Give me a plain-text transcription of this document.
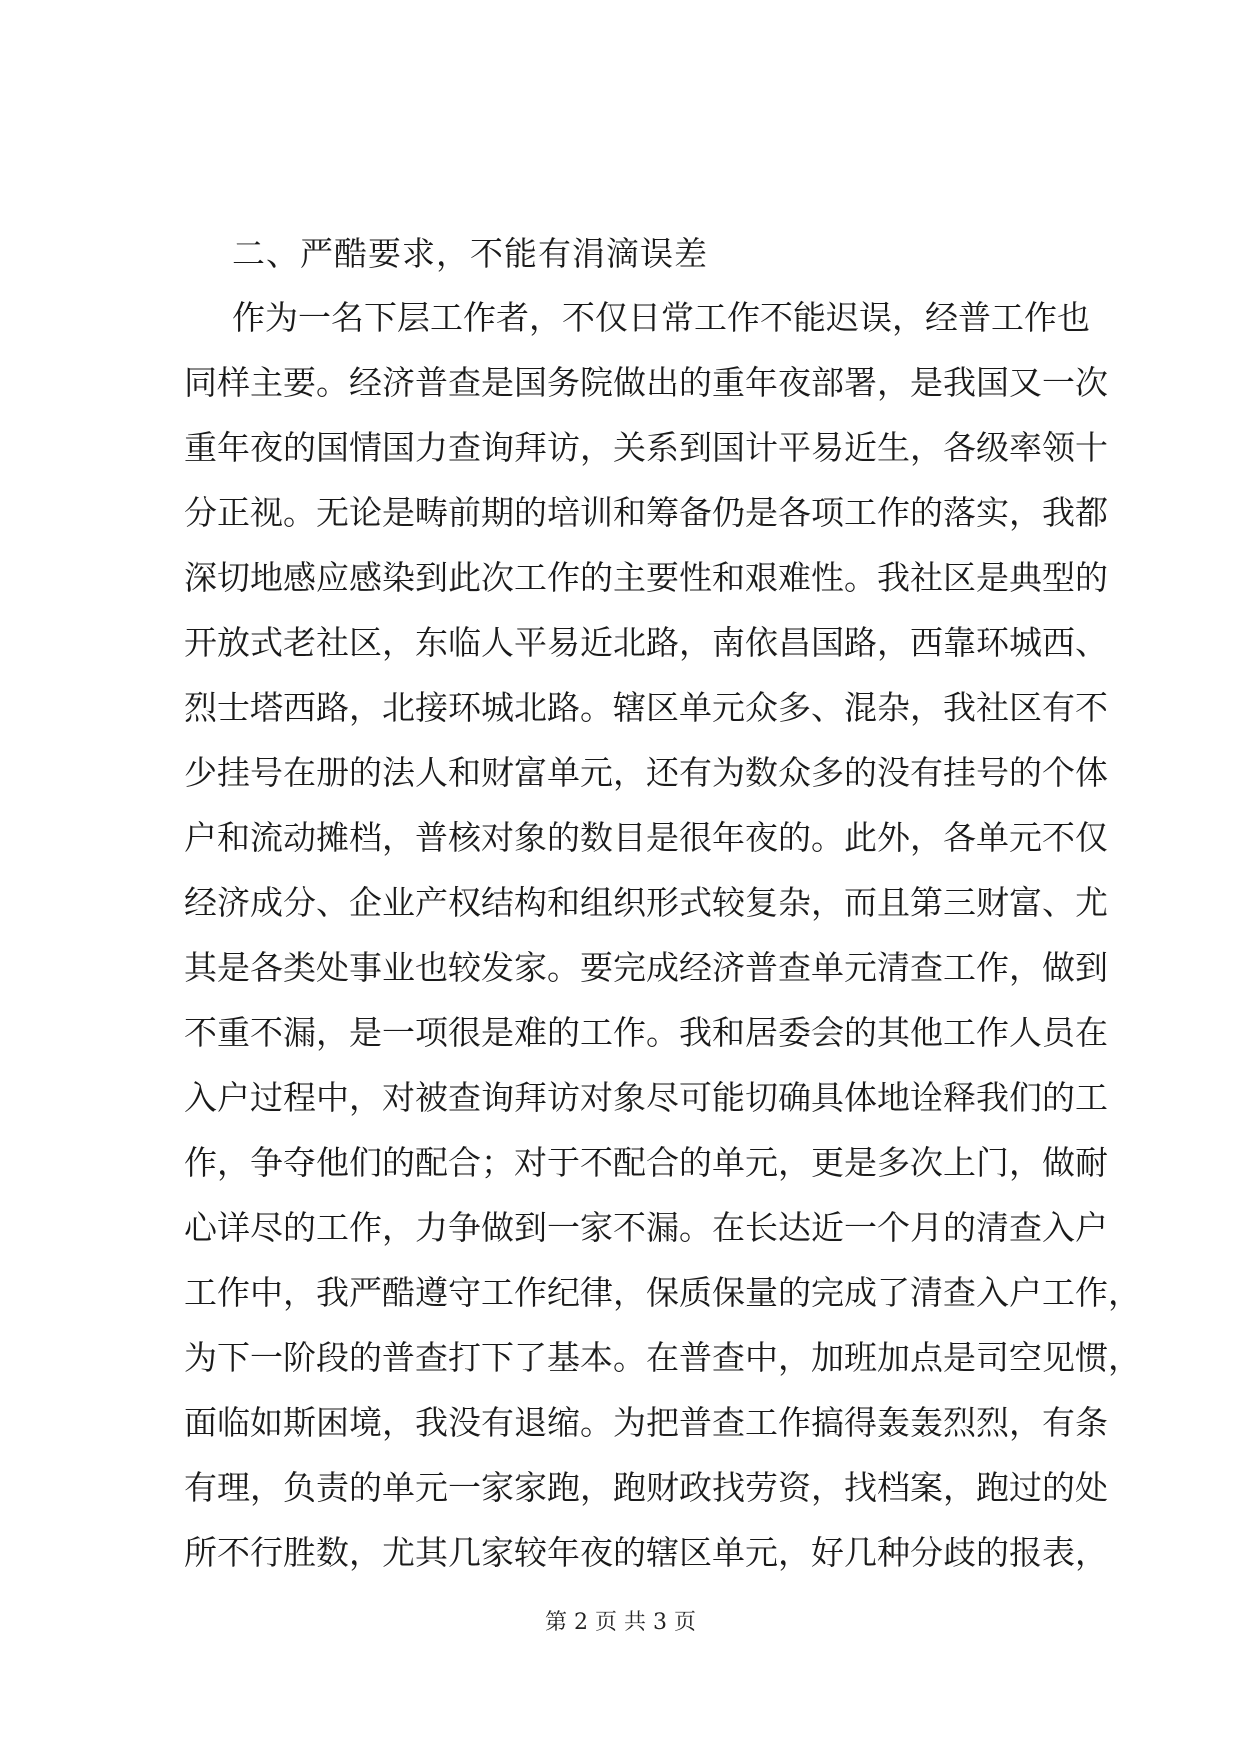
二、严酷要求，不能有涓滴误差
作为一名下层工作者，不仅日常工作不能迟误，经普工作也
同样主要。经济普查是国务院做出的重年夜部署，是我国又一次
重年夜的国情国力查询拜访，关系到国计平易近生，各级率领十
分正视。无论是畴前期的培训和筹备仍是各项工作的落实，我都
深切地感应感染到此次工作的主要性和艰难性。我社区是典型的
开放式老社区，东临人平易近北路，南依昌国路，西靠环城西、
烈士塔西路，北接环城北路。辖区单元众多、混杂，我社区有不
少挂号在册的法人和财富单元，还有为数众多的没有挂号的个体
户和流动摊档，普核对象的数目是很年夜的。此外，各单元不仅
经济成分、企业产权结构和组织形式较复杂，而且第三财富、尤
其是各类处事业也较发家。要完成经济普查单元清查工作，做到
不重不漏，是一项很是难的工作。我和居委会的其他工作人员在
入户过程中，对被查询拜访对象尽可能切确具体地诠释我们的工
作，争夺他们的配合；对于不配合的单元，更是多次上门，做耐
心详尽的工作，力争做到一家不漏。在长达近一个月的清查入户
工作中，我严酷遵守工作纪律，保质保量的完成了清查入户工作，
为下一阶段的普查打下了基本。在普查中，加班加点是司空见惯，
面临如斯困境，我没有退缩。为把普查工作搞得轰轰烈烈，有条
有理，负责的单元一家家跑，跑财政找劳资，找档案，跑过的处
所不行胜数，尤其几家较年夜的辖区单元，好几种分歧的报表，
第 2 页 共 3 页
